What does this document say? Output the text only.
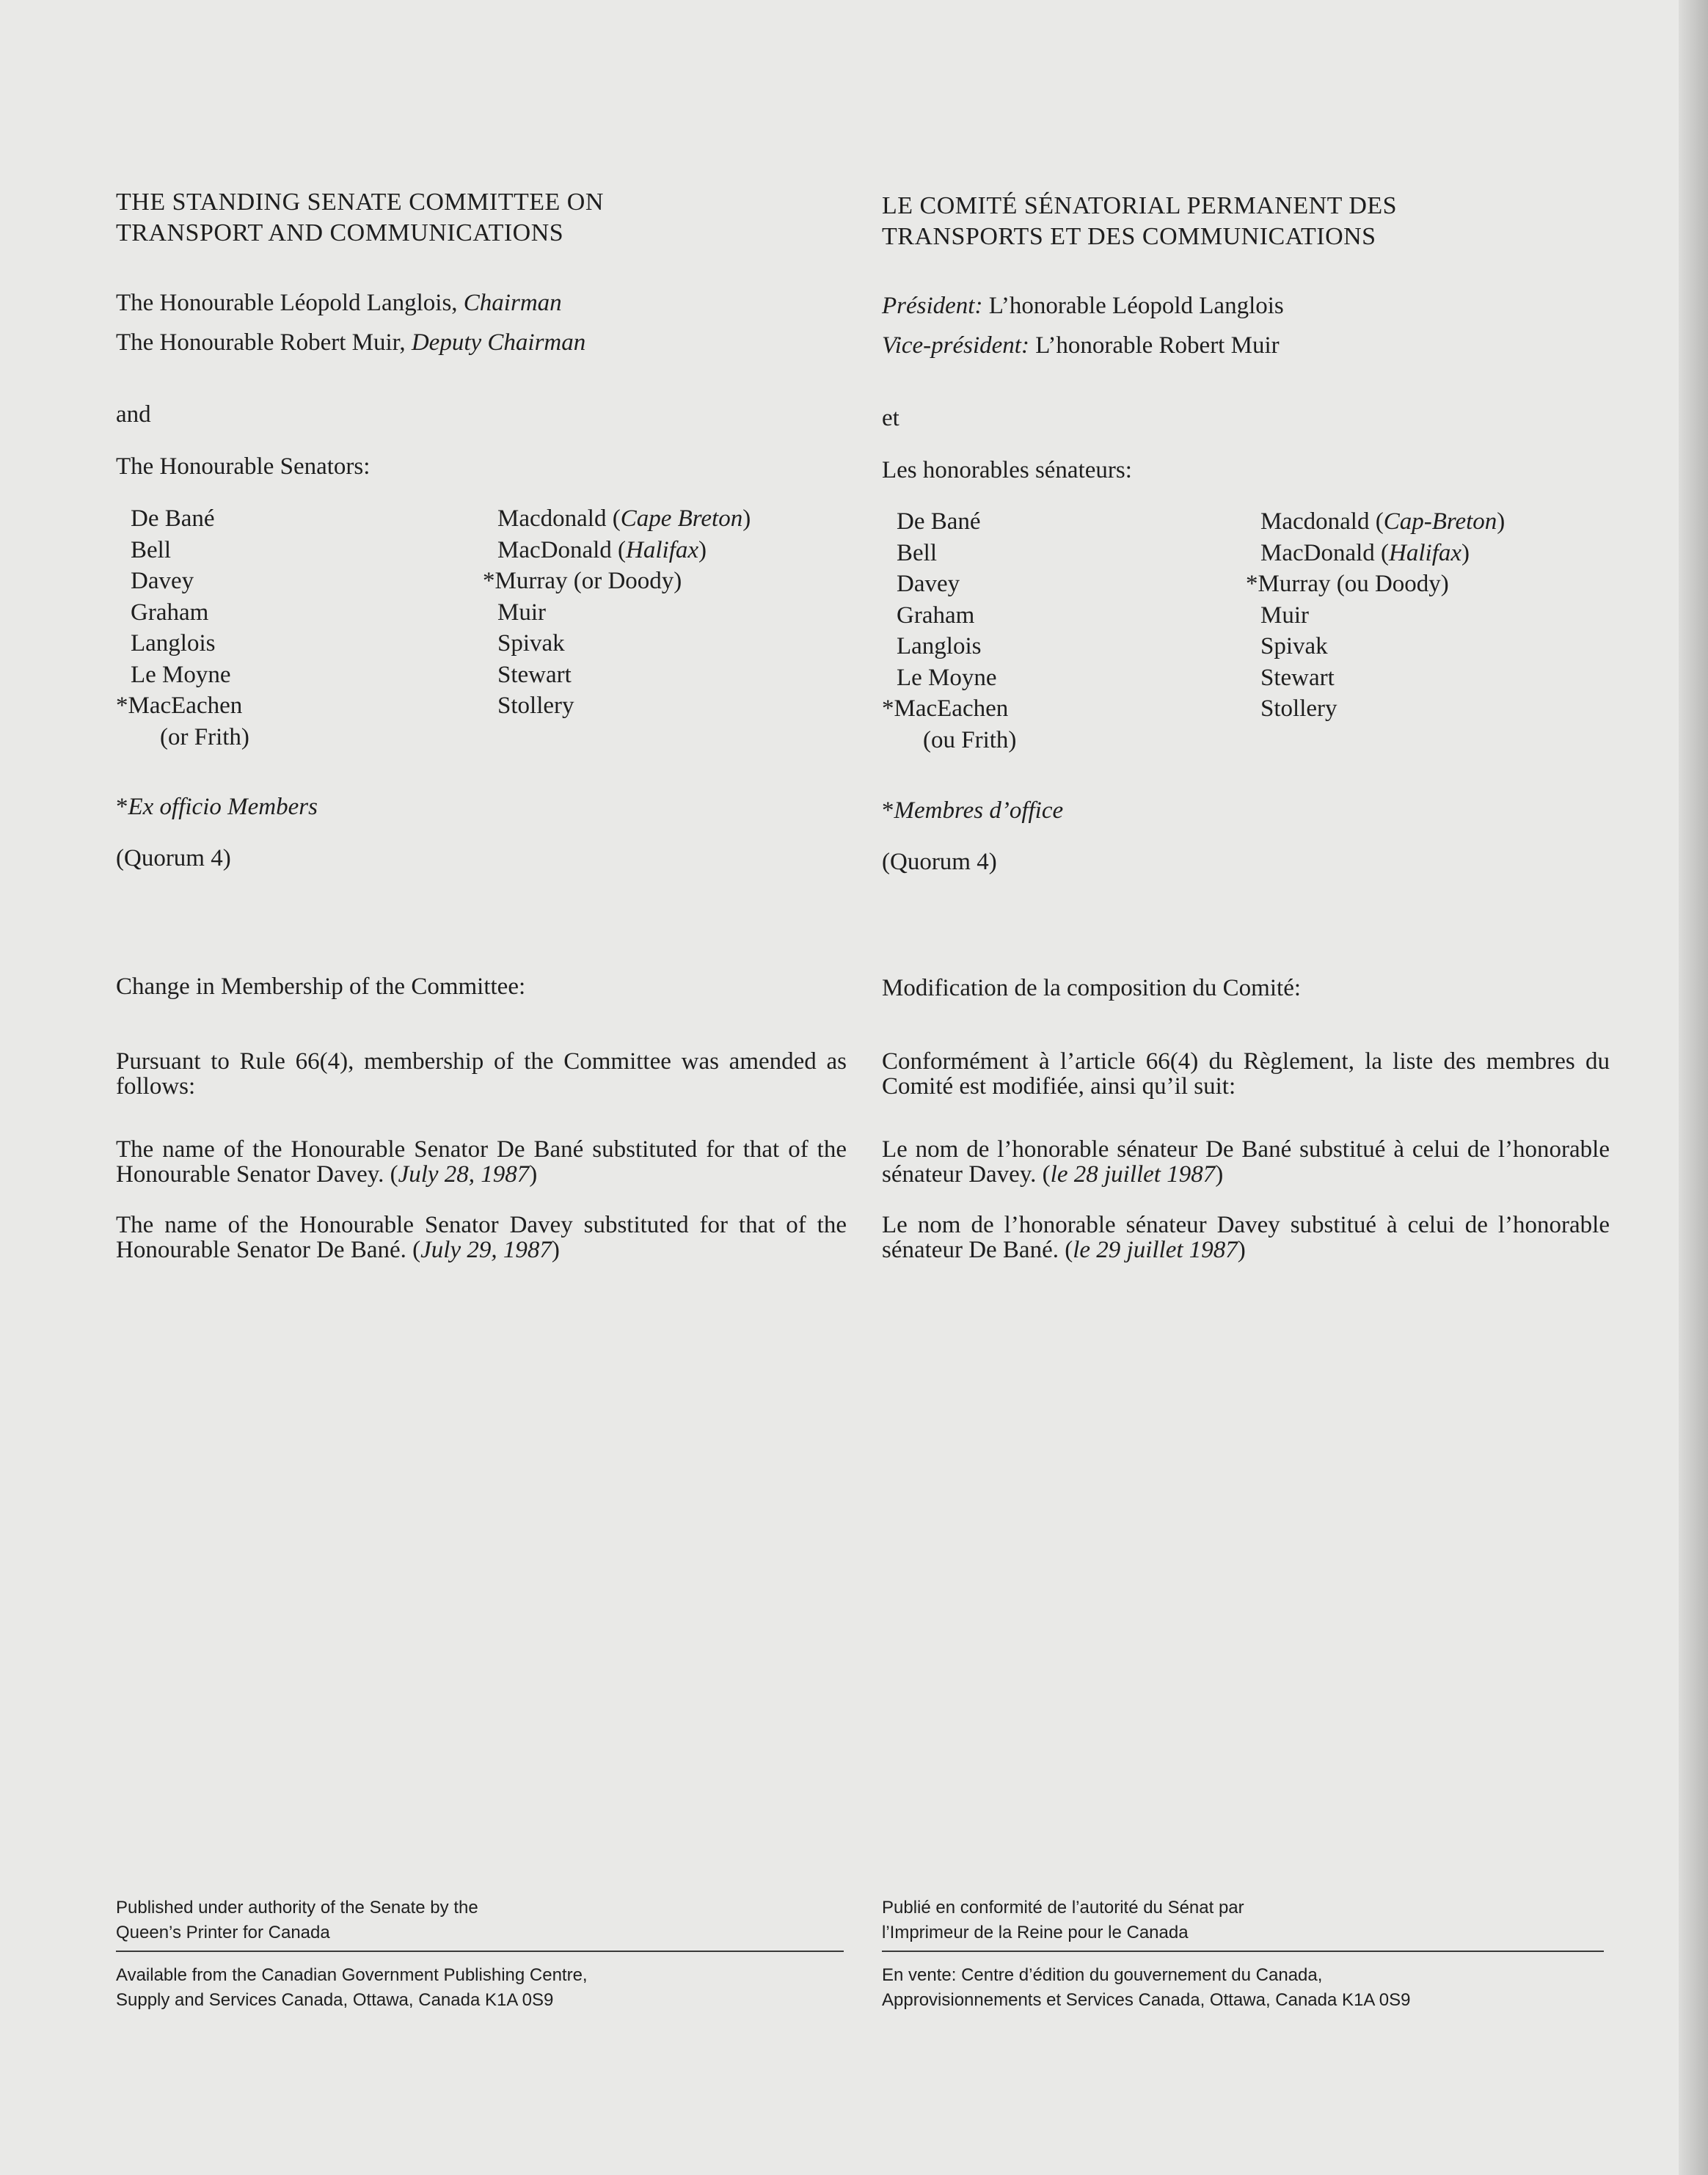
THE STANDING SENATE COMMITTEE ON
TRANSPORT AND COMMUNICATIONS
The Honourable Léopold Langlois, Chairman
The Honourable Robert Muir, Deputy Chairman
and
The Honourable Senators:
De Bané
Bell
Davey
Graham
Langlois
Le Moyne
*MacEachen
(or Frith)
Macdonald (Cape Breton)
MacDonald (Halifax)
*Murray (or Doody)
Muir
Spivak
Stewart
Stollery
*Ex officio Members
(Quorum 4)
Change in Membership of the Committee:
Pursuant to Rule 66(4), membership of the Committee was amended as follows:
The name of the Honourable Senator De Bané substituted for that of the Honourable Senator Davey. (July 28, 1987)
The name of the Honourable Senator Davey substituted for that of the Honourable Senator De Bané. (July 29, 1987)
Published under authority of the Senate by the
Queen’s Printer for Canada
Available from the Canadian Government Publishing Centre,
Supply and Services Canada, Ottawa, Canada K1A 0S9
LE COMITÉ SÉNATORIAL PERMANENT DES
TRANSPORTS ET DES COMMUNICATIONS
Président: L’honorable Léopold Langlois
Vice-président: L’honorable Robert Muir
et
Les honorables sénateurs:
De Bané
Bell
Davey
Graham
Langlois
Le Moyne
*MacEachen
(ou Frith)
Macdonald (Cap-Breton)
MacDonald (Halifax)
*Murray (ou Doody)
Muir
Spivak
Stewart
Stollery
*Membres d’office
(Quorum 4)
Modification de la composition du Comité:
Conformément à l’article 66(4) du Règlement, la liste des membres du Comité est modifiée, ainsi qu’il suit:
Le nom de l’honorable sénateur De Bané substitué à celui de l’honorable sénateur Davey. (le 28 juillet 1987)
Le nom de l’honorable sénateur Davey substitué à celui de l’honorable sénateur De Bané. (le 29 juillet 1987)
Publié en conformité de l’autorité du Sénat par
l’Imprimeur de la Reine pour le Canada
En vente: Centre d’édition du gouvernement du Canada,
Approvisionnements et Services Canada, Ottawa, Canada K1A 0S9
